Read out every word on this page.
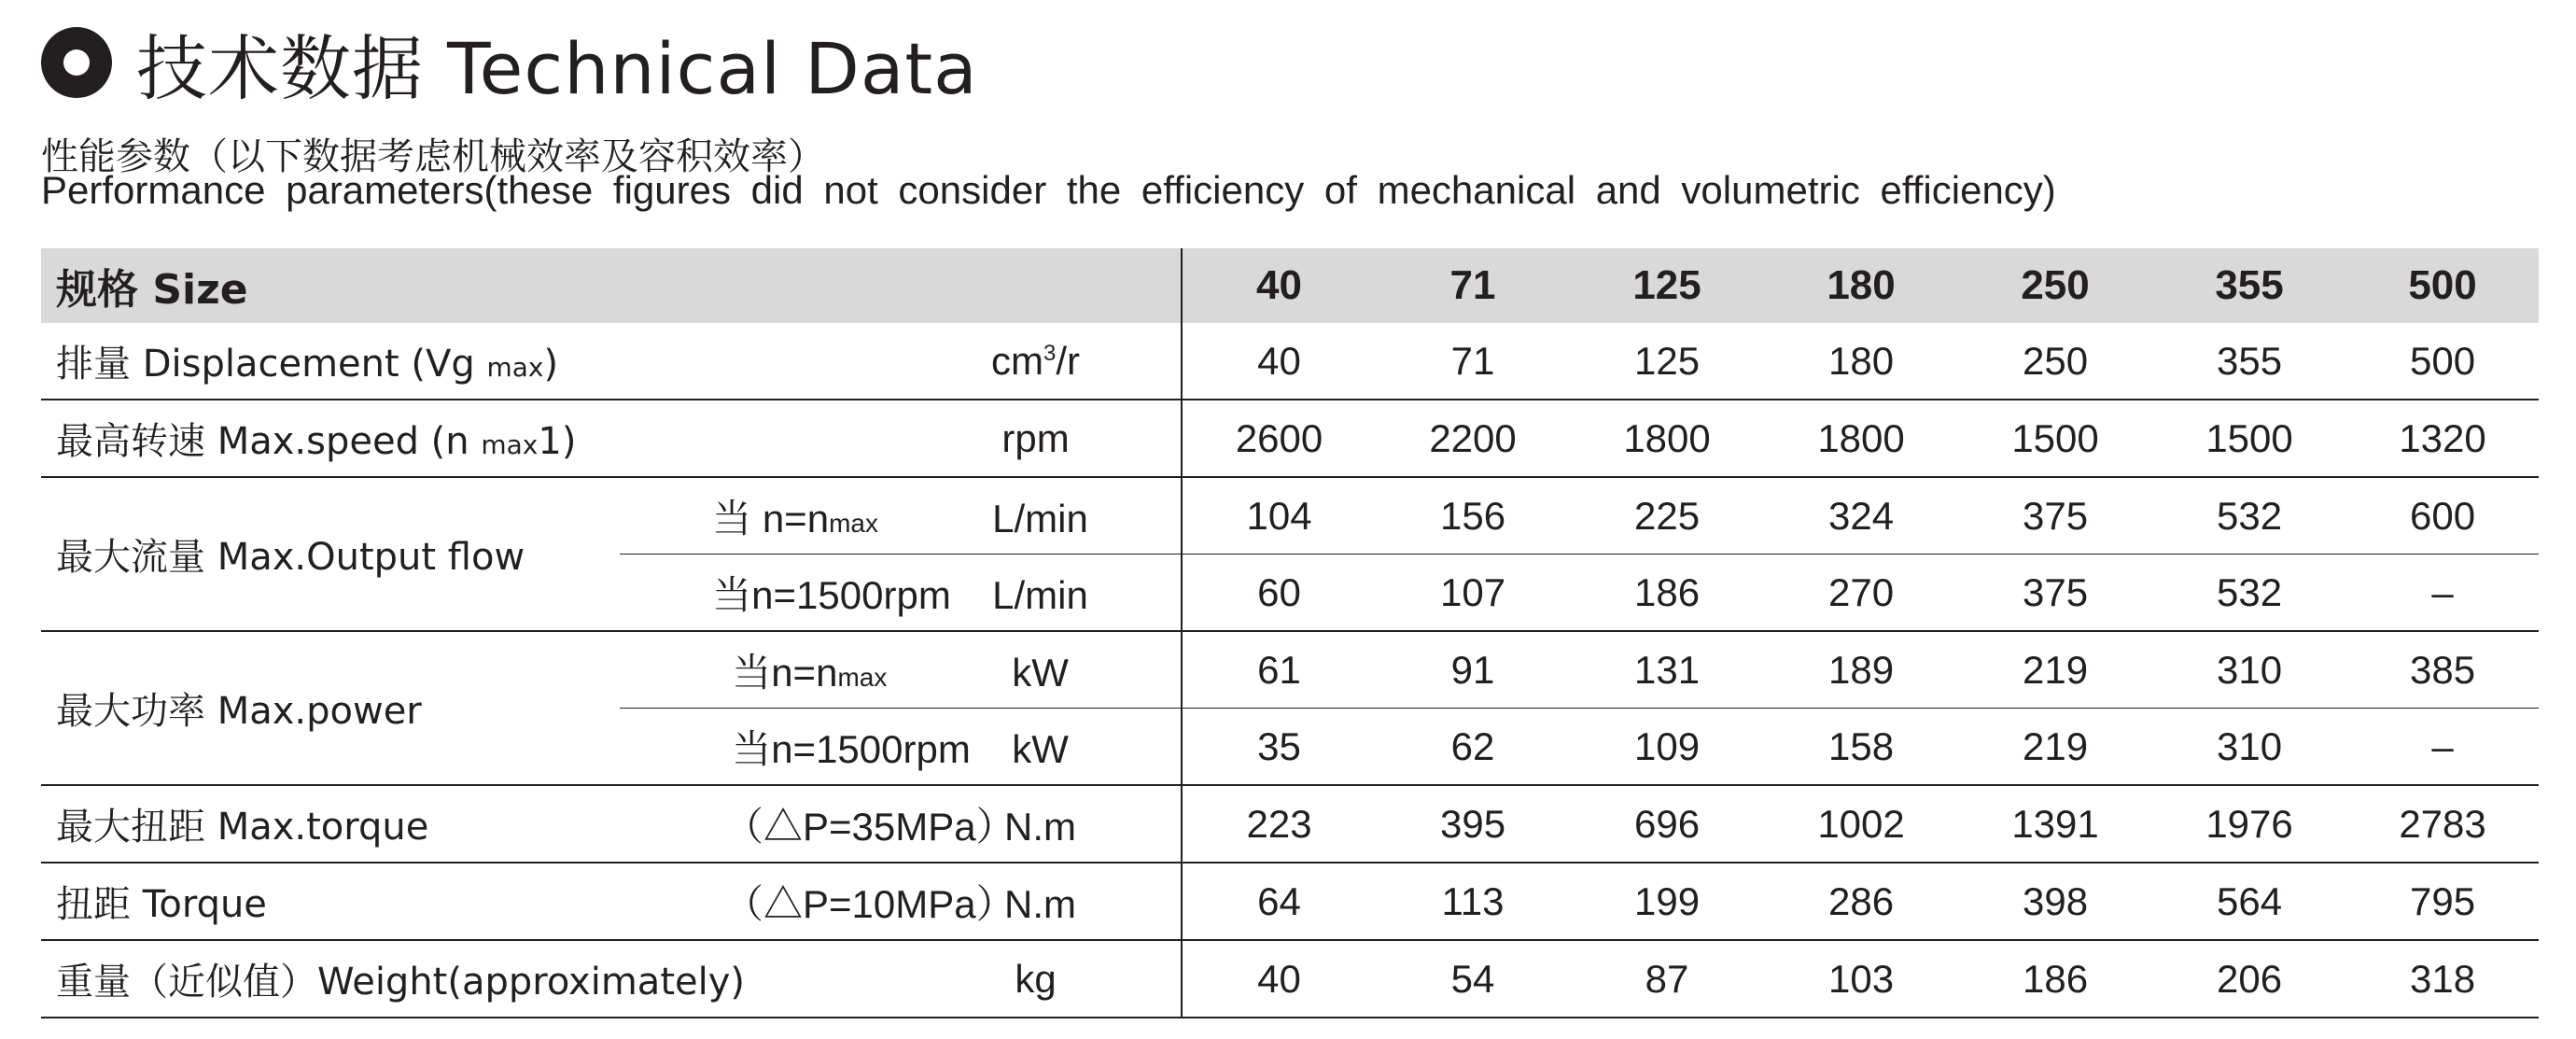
技术数据 Technical Data
性能参数（以下数据考虑机械效率及容积效率）
Performance parameters(these figures did not consider the efficiency of mechanical and volumetric efficiency)
规格 Size			40	71	125	180	250	355	500
排量 Displacement (Vg max)		$cm^3/r$	40	71	125	180	250	355	500
最高转速 Max.speed (n max1)		rpm	2600	2200	1800	1800	1500	1500	1320
最大流量 Max.Output flow		当 n=nmax L/min	104	156	225	324	375	532	600
		当n=1500rpm L/min	60	107	186	270	375	532	–
最大功率 Max.power		当n=nmax kW	61	91	131	189	219	310	385
		当n=1500rpm kW	35	62	109	158	219	310	–
最大扭距 Max.torque		（△P=35MPa）N.m	223	395	696	1002	1391	1976	2783
扭距 Torque		（△P=10MPa）N.m	64	113	199	286	398	564	795
重量（近似值）Weight(approximately)		kg	40	54	87	103	186	206	318
